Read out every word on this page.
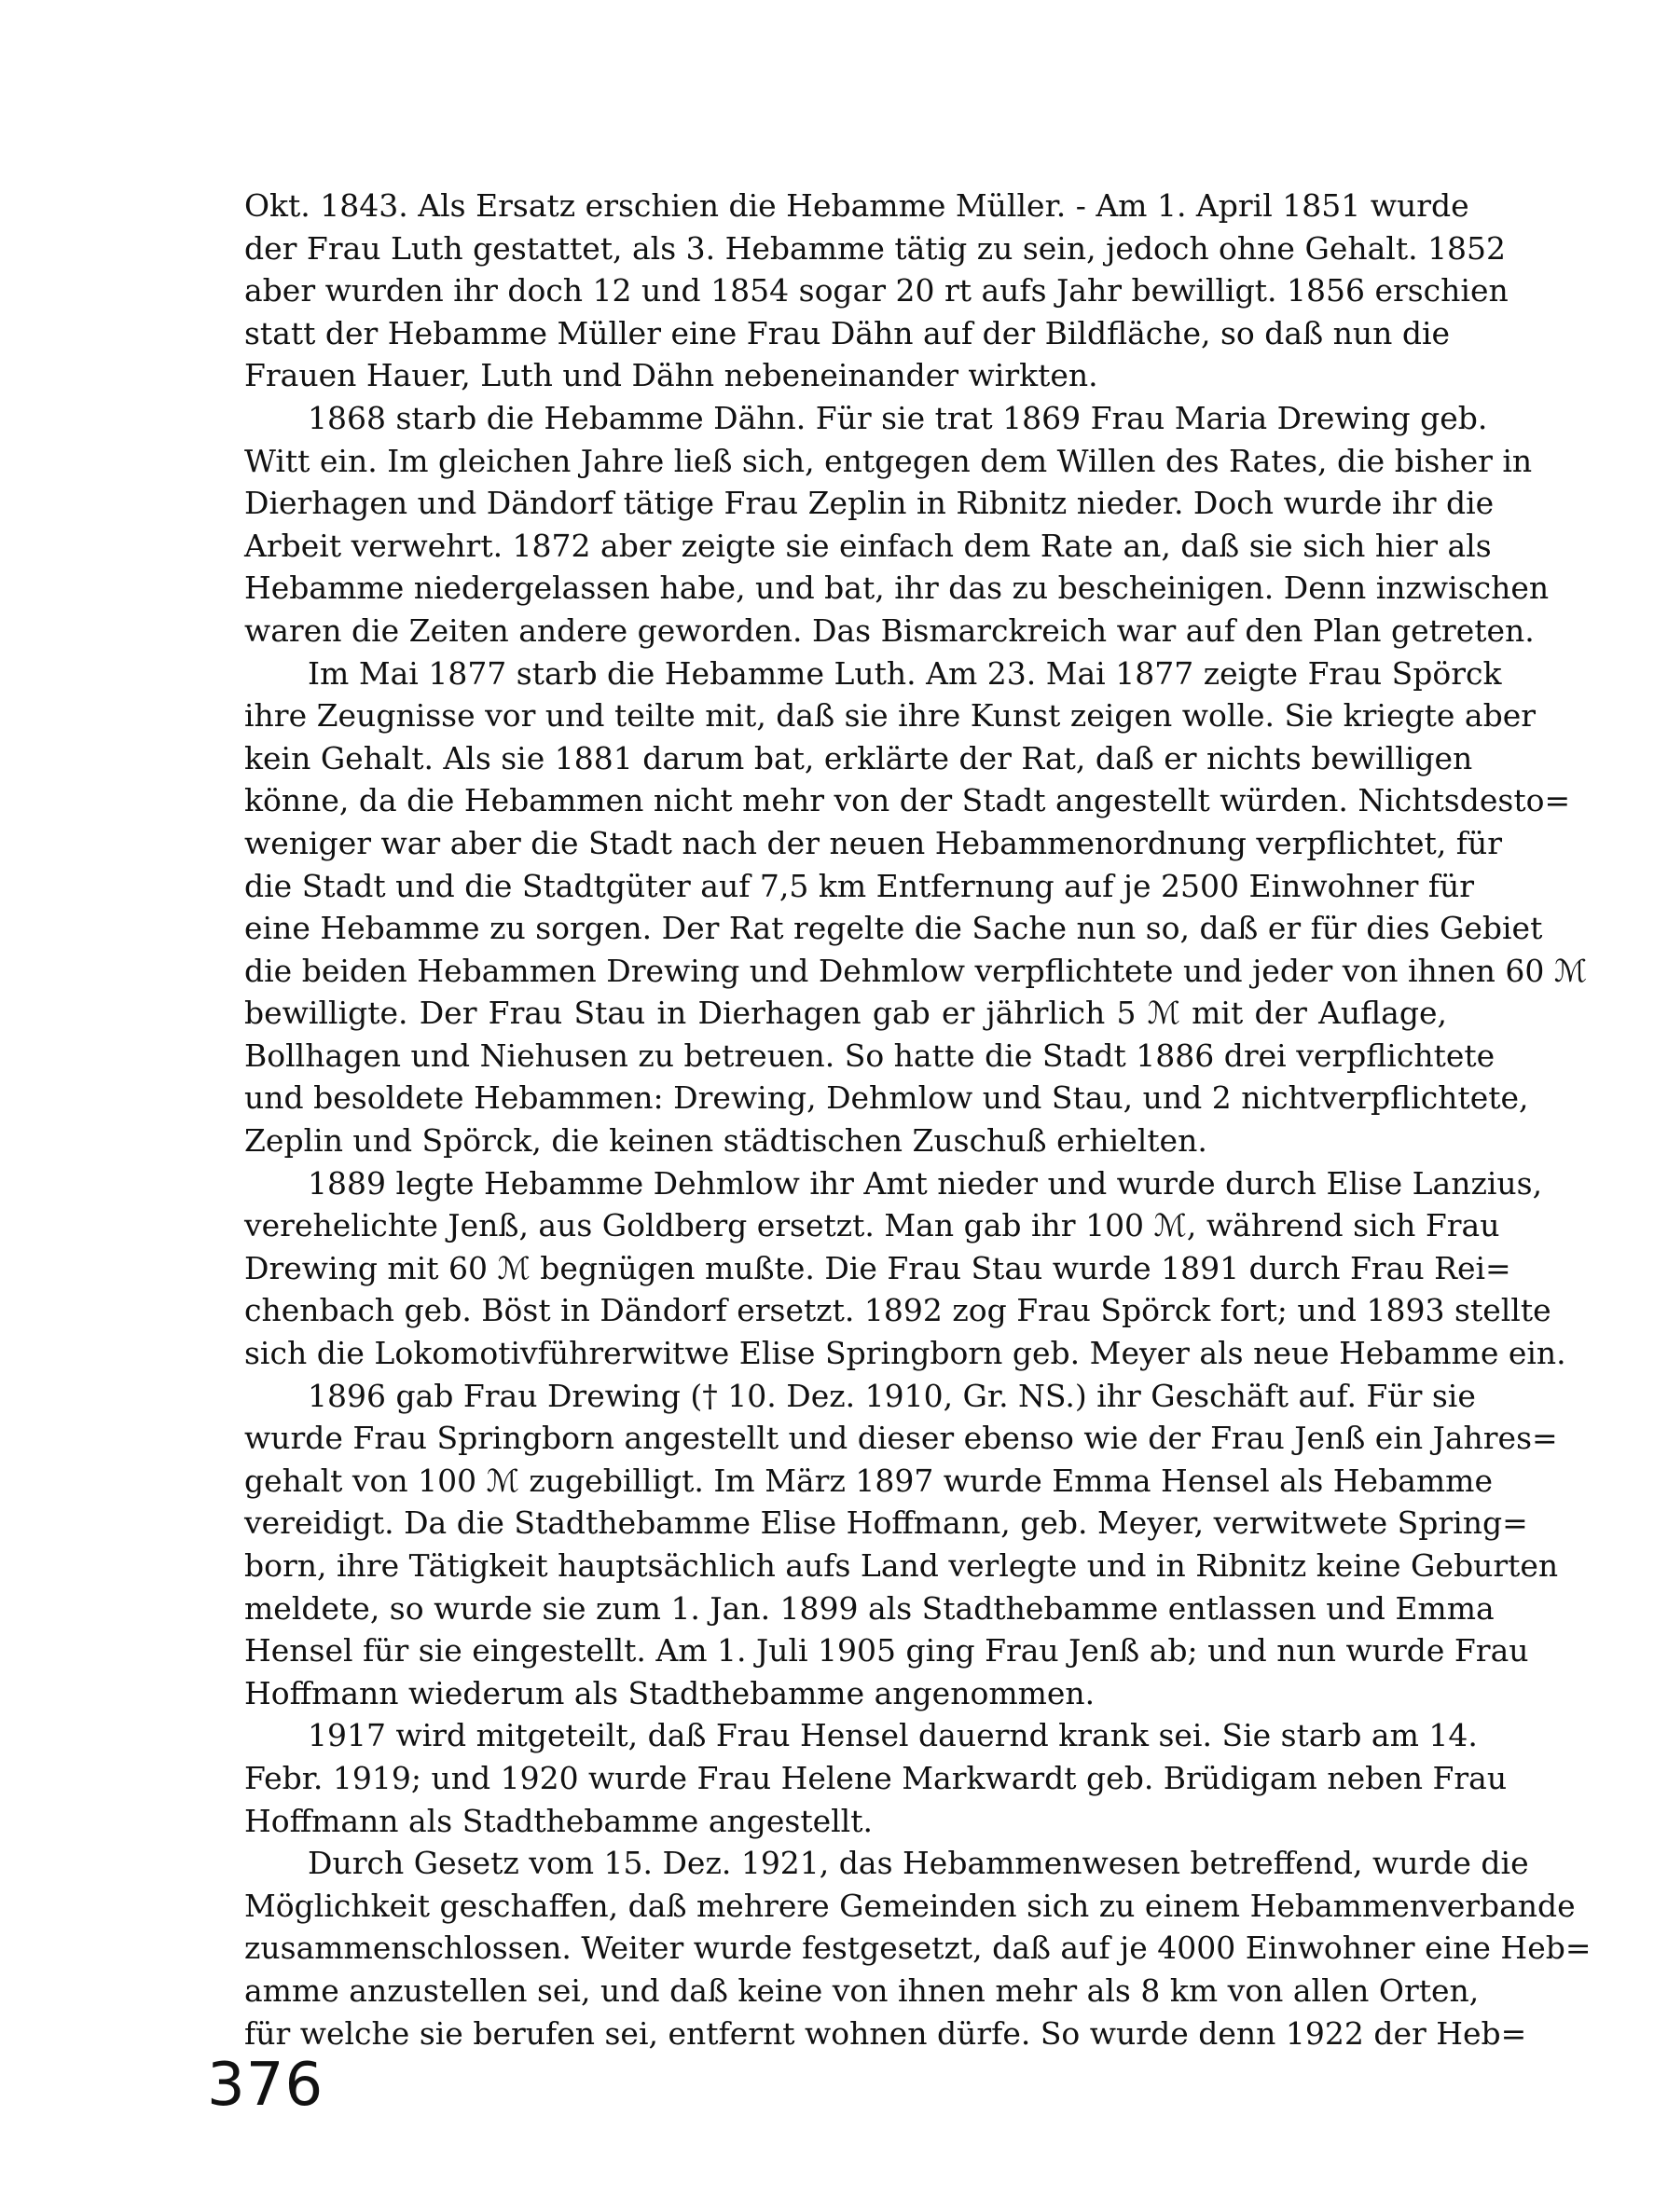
Okt. 1843. Als Ersatz erschien die Hebamme Müller. - Am 1. April 1851 wurde
der Frau Luth gestattet, als 3. Hebamme tätig zu sein, jedoch ohne Gehalt. 1852
aber wurden ihr doch 12 und 1854 sogar 20 rt aufs Jahr bewilligt. 1856 erschien
statt der Hebamme Müller eine Frau Dähn auf der Bildfläche, so daß nun die
Frauen Hauer, Luth und Dähn nebeneinander wirkten.
1868 starb die Hebamme Dähn. Für sie trat 1869 Frau Maria Drewing geb.
Witt ein. Im gleichen Jahre ließ sich, entgegen dem Willen des Rates, die bisher in
Dierhagen und Dändorf tätige Frau Zeplin in Ribnitz nieder. Doch wurde ihr die
Arbeit verwehrt. 1872 aber zeigte sie einfach dem Rate an, daß sie sich hier als
Hebamme niedergelassen habe, und bat, ihr das zu bescheinigen. Denn inzwischen
waren die Zeiten andere geworden. Das Bismarckreich war auf den Plan getreten.
Im Mai 1877 starb die Hebamme Luth. Am 23. Mai 1877 zeigte Frau Spörck
ihre Zeugnisse vor und teilte mit, daß sie ihre Kunst zeigen wolle. Sie kriegte aber
kein Gehalt. Als sie 1881 darum bat, erklärte der Rat, daß er nichts bewilligen
könne, da die Hebammen nicht mehr von der Stadt angestellt würden. Nichtsdesto=
weniger war aber die Stadt nach der neuen Hebammenordnung verpflichtet, für
die Stadt und die Stadtgüter auf 7,5 km Entfernung auf je 2500 Einwohner für
eine Hebamme zu sorgen. Der Rat regelte die Sache nun so, daß er für dies Gebiet
die beiden Hebammen Drewing und Dehmlow verpflichtete und jeder von ihnen 60 ℳ
bewilligte. Der Frau Stau in Dierhagen gab er jährlich 5 ℳ mit der Auflage,
Bollhagen und Niehusen zu betreuen. So hatte die Stadt 1886 drei verpflichtete
und besoldete Hebammen: Drewing, Dehmlow und Stau, und 2 nichtverpflichtete,
Zeplin und Spörck, die keinen städtischen Zuschuß erhielten.
1889 legte Hebamme Dehmlow ihr Amt nieder und wurde durch Elise Lanzius,
verehelichte Jenß, aus Goldberg ersetzt. Man gab ihr 100 ℳ, während sich Frau
Drewing mit 60 ℳ begnügen mußte. Die Frau Stau wurde 1891 durch Frau Rei=
chenbach geb. Böst in Dändorf ersetzt. 1892 zog Frau Spörck fort; und 1893 stellte
sich die Lokomotivführerwitwe Elise Springborn geb. Meyer als neue Hebamme ein.
1896 gab Frau Drewing († 10. Dez. 1910, Gr. NS.) ihr Geschäft auf. Für sie
wurde Frau Springborn angestellt und dieser ebenso wie der Frau Jenß ein Jahres=
gehalt von 100 ℳ zugebilligt. Im März 1897 wurde Emma Hensel als Hebamme
vereidigt. Da die Stadthebamme Elise Hoffmann, geb. Meyer, verwitwete Spring=
born, ihre Tätigkeit hauptsächlich aufs Land verlegte und in Ribnitz keine Geburten
meldete, so wurde sie zum 1. Jan. 1899 als Stadthebamme entlassen und Emma
Hensel für sie eingestellt. Am 1. Juli 1905 ging Frau Jenß ab; und nun wurde Frau
Hoffmann wiederum als Stadthebamme angenommen.
1917 wird mitgeteilt, daß Frau Hensel dauernd krank sei. Sie starb am 14.
Febr. 1919; und 1920 wurde Frau Helene Markwardt geb. Brüdigam neben Frau
Hoffmann als Stadthebamme angestellt.
Durch Gesetz vom 15. Dez. 1921, das Hebammenwesen betreffend, wurde die
Möglichkeit geschaffen, daß mehrere Gemeinden sich zu einem Hebammenverbande
zusammenschlossen. Weiter wurde festgesetzt, daß auf je 4000 Einwohner eine Heb=
amme anzustellen sei, und daß keine von ihnen mehr als 8 km von allen Orten,
für welche sie berufen sei, entfernt wohnen dürfe. So wurde denn 1922 der Heb=
376
